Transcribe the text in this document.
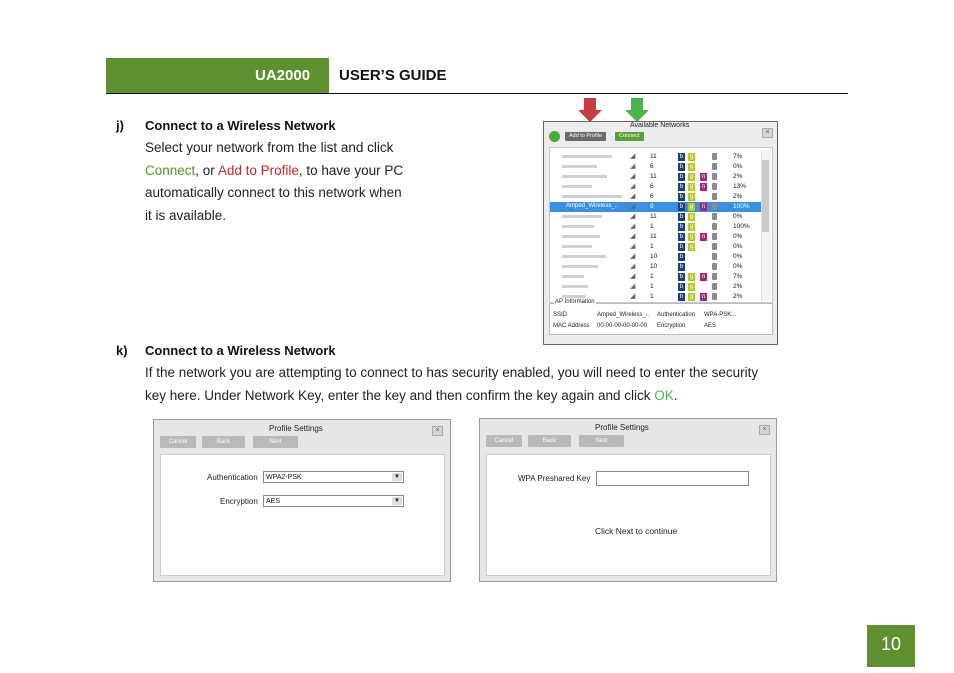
UA2000 USER’S GUIDE
j) Connect to a Wireless Network
Select your network from the list and click
Connect, or Add to Profile, to have your PC
automatically connect to this network when
it is available.
Available Networks
×
Add to Profile	Connect
◢ 11	b	g	7%
◢ 6	b	g	0%
◢ 11	b	g	n	2%
◢ 6	b	g	n	13%
◢ 6	b	g	2%
Amped_Wireless_.. ◢ 9	b	g	n	100%
◢ 11	b	g	0%
◢ 1	b	g	100%
◢ 11	b	g	n	0%
◢ 1	b	g	0%
◢ 10	b	0%
◢ 10	b	0%
◢ 1	b	g	n	7%
◢ 1	b	g	2%
◢ 1	b	g	n	2%
AP Information
SSID	Amped_Wireless_.. Authentication WPA-PSK...
MAC Address 00-00-00-00-00-00 Encryption	AES
k) Connect to a Wireless Network
If the network you are attempting to connect to has security enabled, you will need to enter the security
key here. Under Network Key, enter the key and then confirm the key again and click OK.
Profile Settings	×
Cancel	Back	Next
Authentication	WPA2-PSK	▼
Encryption	AES	▼
Profile Settings	×
Cancel	Back	Next
WPA Preshared Key
Click Next to continue
10
